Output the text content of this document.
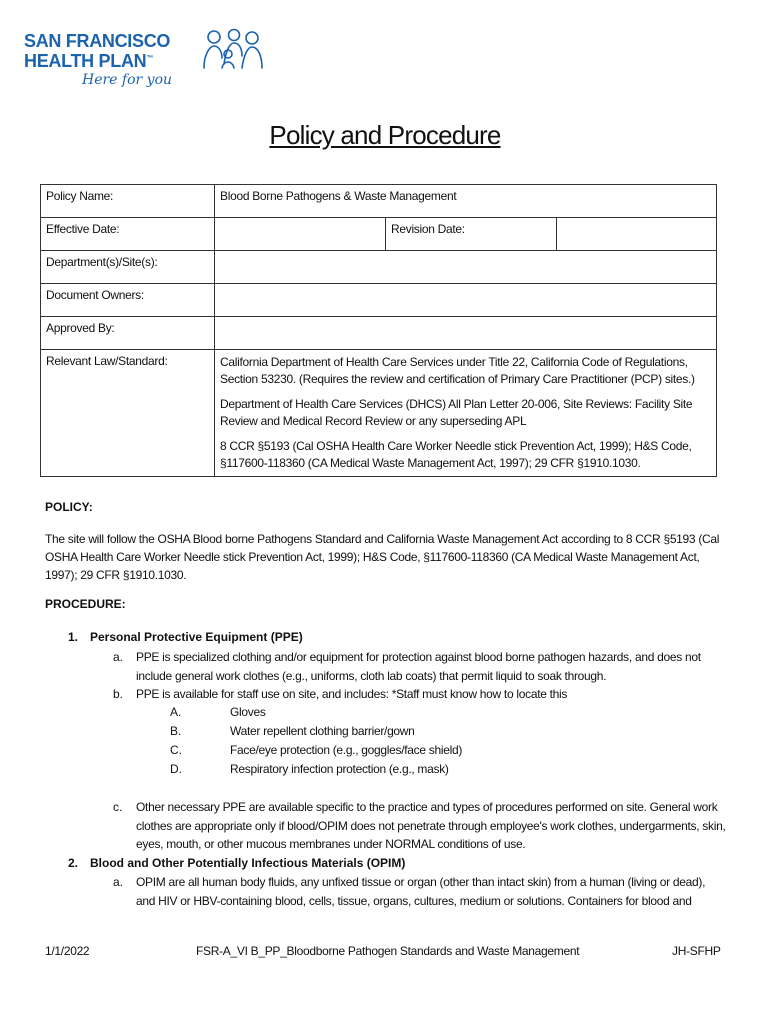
SAN FRANCISCO
HEALTH PLAN™
Here for you
Policy and Procedure
Policy Name:	Blood Borne Pathogens & Waste Management		
Effective Date:		Revision Date:	
Department(s)/Site(s):			
Document Owners:			
Approved By:			
Relevant Law/Standard:	California Department of Health Care Services under Title 22, California Code of Regulations, Section 53230. (Requires the review and certification of Primary Care Practitioner (PCP) sites.)

Department of Health Care Services (DHCS) All Plan Letter 20-006, Site Reviews: Facility Site Review and Medical Record Review or any superseding APL

8 CCR §5193 (Cal OSHA Health Care Worker Needle stick Prevention Act, 1999); H&S Code, §117600-118360 (CA Medical Waste Management Act, 1997); 29 CFR §1910.1030.		

POLICY:
The site will follow the OSHA Blood borne Pathogens Standard and California Waste Management Act according to 8 CCR §5193 (Cal OSHA Health Care Worker Needle stick Prevention Act, 1999); H&S Code, §117600-118360 (CA Medical Waste Management Act, 1997); 29 CFR §1910.1030.
PROCEDURE:
1. Personal Protective Equipment (PPE)
a. PPE is specialized clothing and/or equipment for protection against blood borne pathogen hazards, and does not include general work clothes (e.g., uniforms, cloth lab coats) that permit liquid to soak through.
b. PPE is available for staff use on site, and includes: *Staff must know how to locate this
A.	Gloves
B.	Water repellent clothing barrier/gown
C.	Face/eye protection (e.g., goggles/face shield)
D.	Respiratory infection protection (e.g., mask)
c. Other necessary PPE are available specific to the practice and types of procedures performed on site. General work clothes are appropriate only if blood/OPIM does not penetrate through employee's work clothes, undergarments, skin, eyes, mouth, or other mucous membranes under NORMAL conditions of use.
2. Blood and Other Potentially Infectious Materials (OPIM)
a. OPIM are all human body fluids, any unfixed tissue or organ (other than intact skin) from a human (living or dead), and HIV or HBV-containing blood, cells, tissue, organs, cultures, medium or solutions. Containers for blood and
1/1/2022	FSR-A_VI B_PP_Bloodborne Pathogen Standards and Waste Management	JH-SFHP
